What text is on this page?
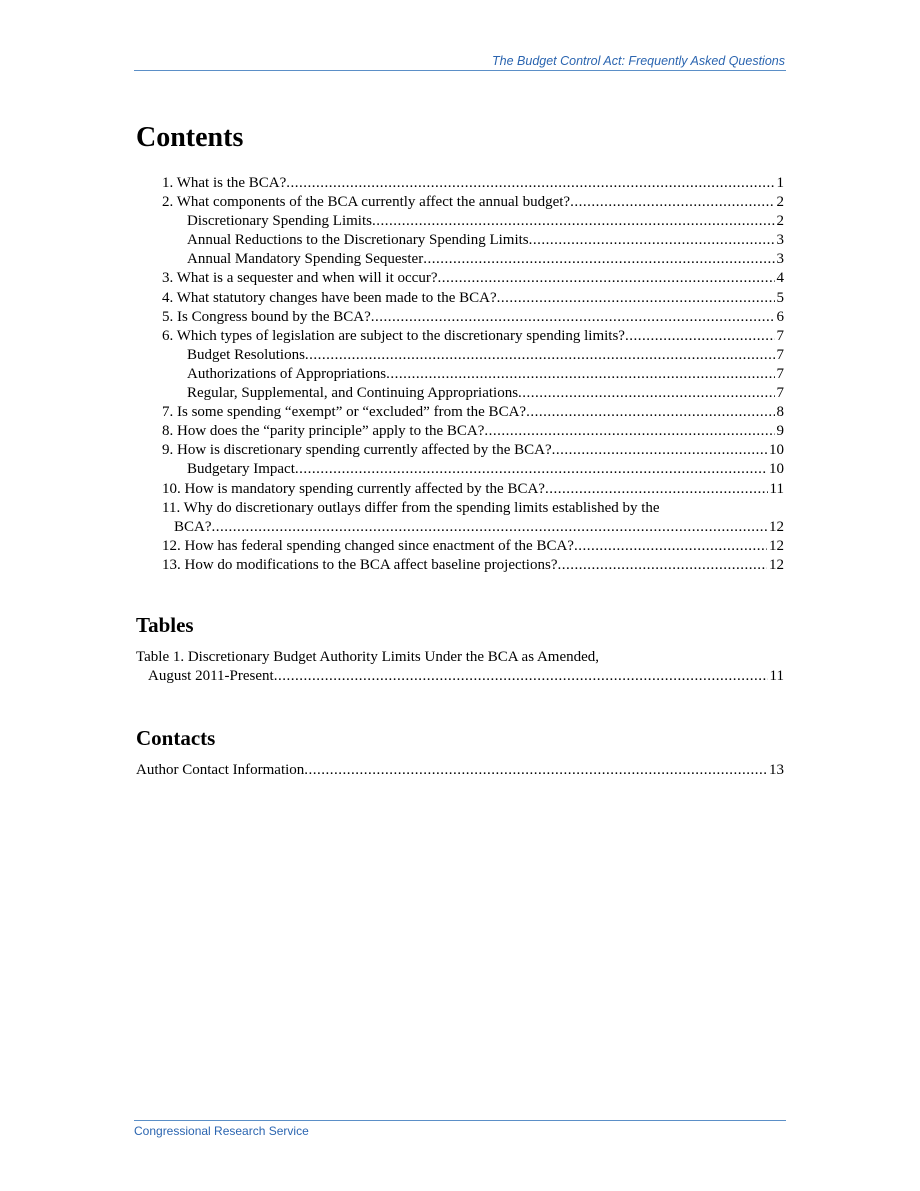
The Budget Control Act: Frequently Asked Questions
Contents
1. What is the BCA? .....	1
2. What components of the BCA currently affect the annual budget? .....	2
Discretionary Spending Limits .....	2
Annual Reductions to the Discretionary Spending Limits .....	3
Annual Mandatory Spending Sequester .....	3
3. What is a sequester and when will it occur? .....	4
4. What statutory changes have been made to the BCA? .....	5
5. Is Congress bound by the BCA? .....	6
6. Which types of legislation are subject to the discretionary spending limits? .....	7
Budget Resolutions .....	7
Authorizations of Appropriations .....	7
Regular, Supplemental, and Continuing Appropriations .....	7
7. Is some spending “exempt” or “excluded” from the BCA? .....	8
8. How does the “parity principle” apply to the BCA? .....	9
9. How is discretionary spending currently affected by the BCA? .....	10
Budgetary Impact .....	10
10. How is mandatory spending currently affected by the BCA? .....	11
11. Why do discretionary outlays differ from the spending limits established by the
BCA? .....	12
12. How has federal spending changed since enactment of the BCA? .....	12
13. How do modifications to the BCA affect baseline projections? .....	12
Tables
Table 1. Discretionary Budget Authority Limits Under the BCA as Amended,
August 2011-Present .....	11
Contacts
Author Contact Information .....	13
Congressional Research Service
